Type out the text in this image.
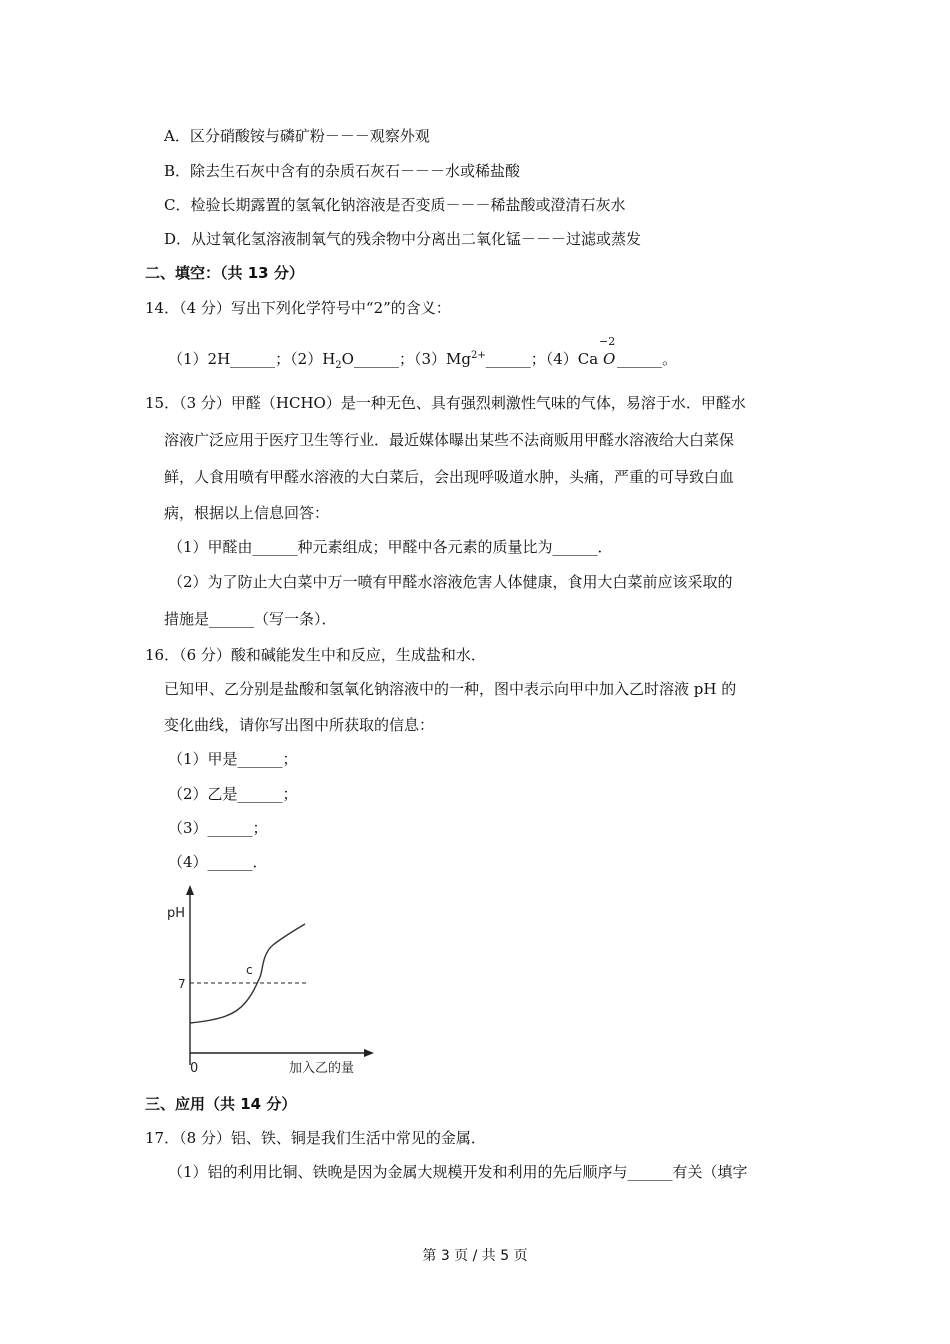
A．区分硝酸铵与磷矿粉－－－观察外观
B．除去生石灰中含有的杂质石灰石－－－水或稀盐酸
C．检验长期露置的氢氧化钠溶液是否变质－－－稀盐酸或澄清石灰水
D．从过氧化氢溶液制氧气的残余物中分离出二氧化锰－－－过滤或蒸发
二、填空：（共 13 分）
14．（4 分）写出下列化学符号中“2”的含义：
（1）2H______；$(2)H_2O\_\_\_\_\_\_$；$(3)Mg^{2+}\_\_\_\_\_\_$；（4）Ca
−2
O ______。
15．（3 分）甲醛（HCHO）是一种无色、具有强烈刺激性气味的气体，易溶于水．甲醛水
溶液广泛应用于医疗卫生等行业．最近媒体曝出某些不法商贩用甲醛水溶液给大白菜保
鲜，人食用喷有甲醛水溶液的大白菜后，会出现呼吸道水肿，头痛，严重的可导致白血
病，根据以上信息回答：
（1）甲醛由______种元素组成；甲醛中各元素的质量比为______．
（2）为了防止大白菜中万一喷有甲醛水溶液危害人体健康，食用大白菜前应该采取的
措施是______（写一条）．
16．（6 分）酸和碱能发生中和反应，生成盐和水．
已知甲、乙分别是盐酸和氢氧化钠溶液中的一种，图中表示向甲中加入乙时溶液 pH 的
变化曲线，请你写出图中所获取的信息：
（1）甲是______；
（2）乙是______；
（3）______；
（4）______．
pH
7
c
0	加入乙的量
三、应用（共 14 分）
17．（8 分）铝、铁、铜是我们生活中常见的金属．
（1）铝的利用比铜、铁晚是因为金属大规模开发和利用的先后顺序与______有关（填字
第 3 页 / 共 5 页
